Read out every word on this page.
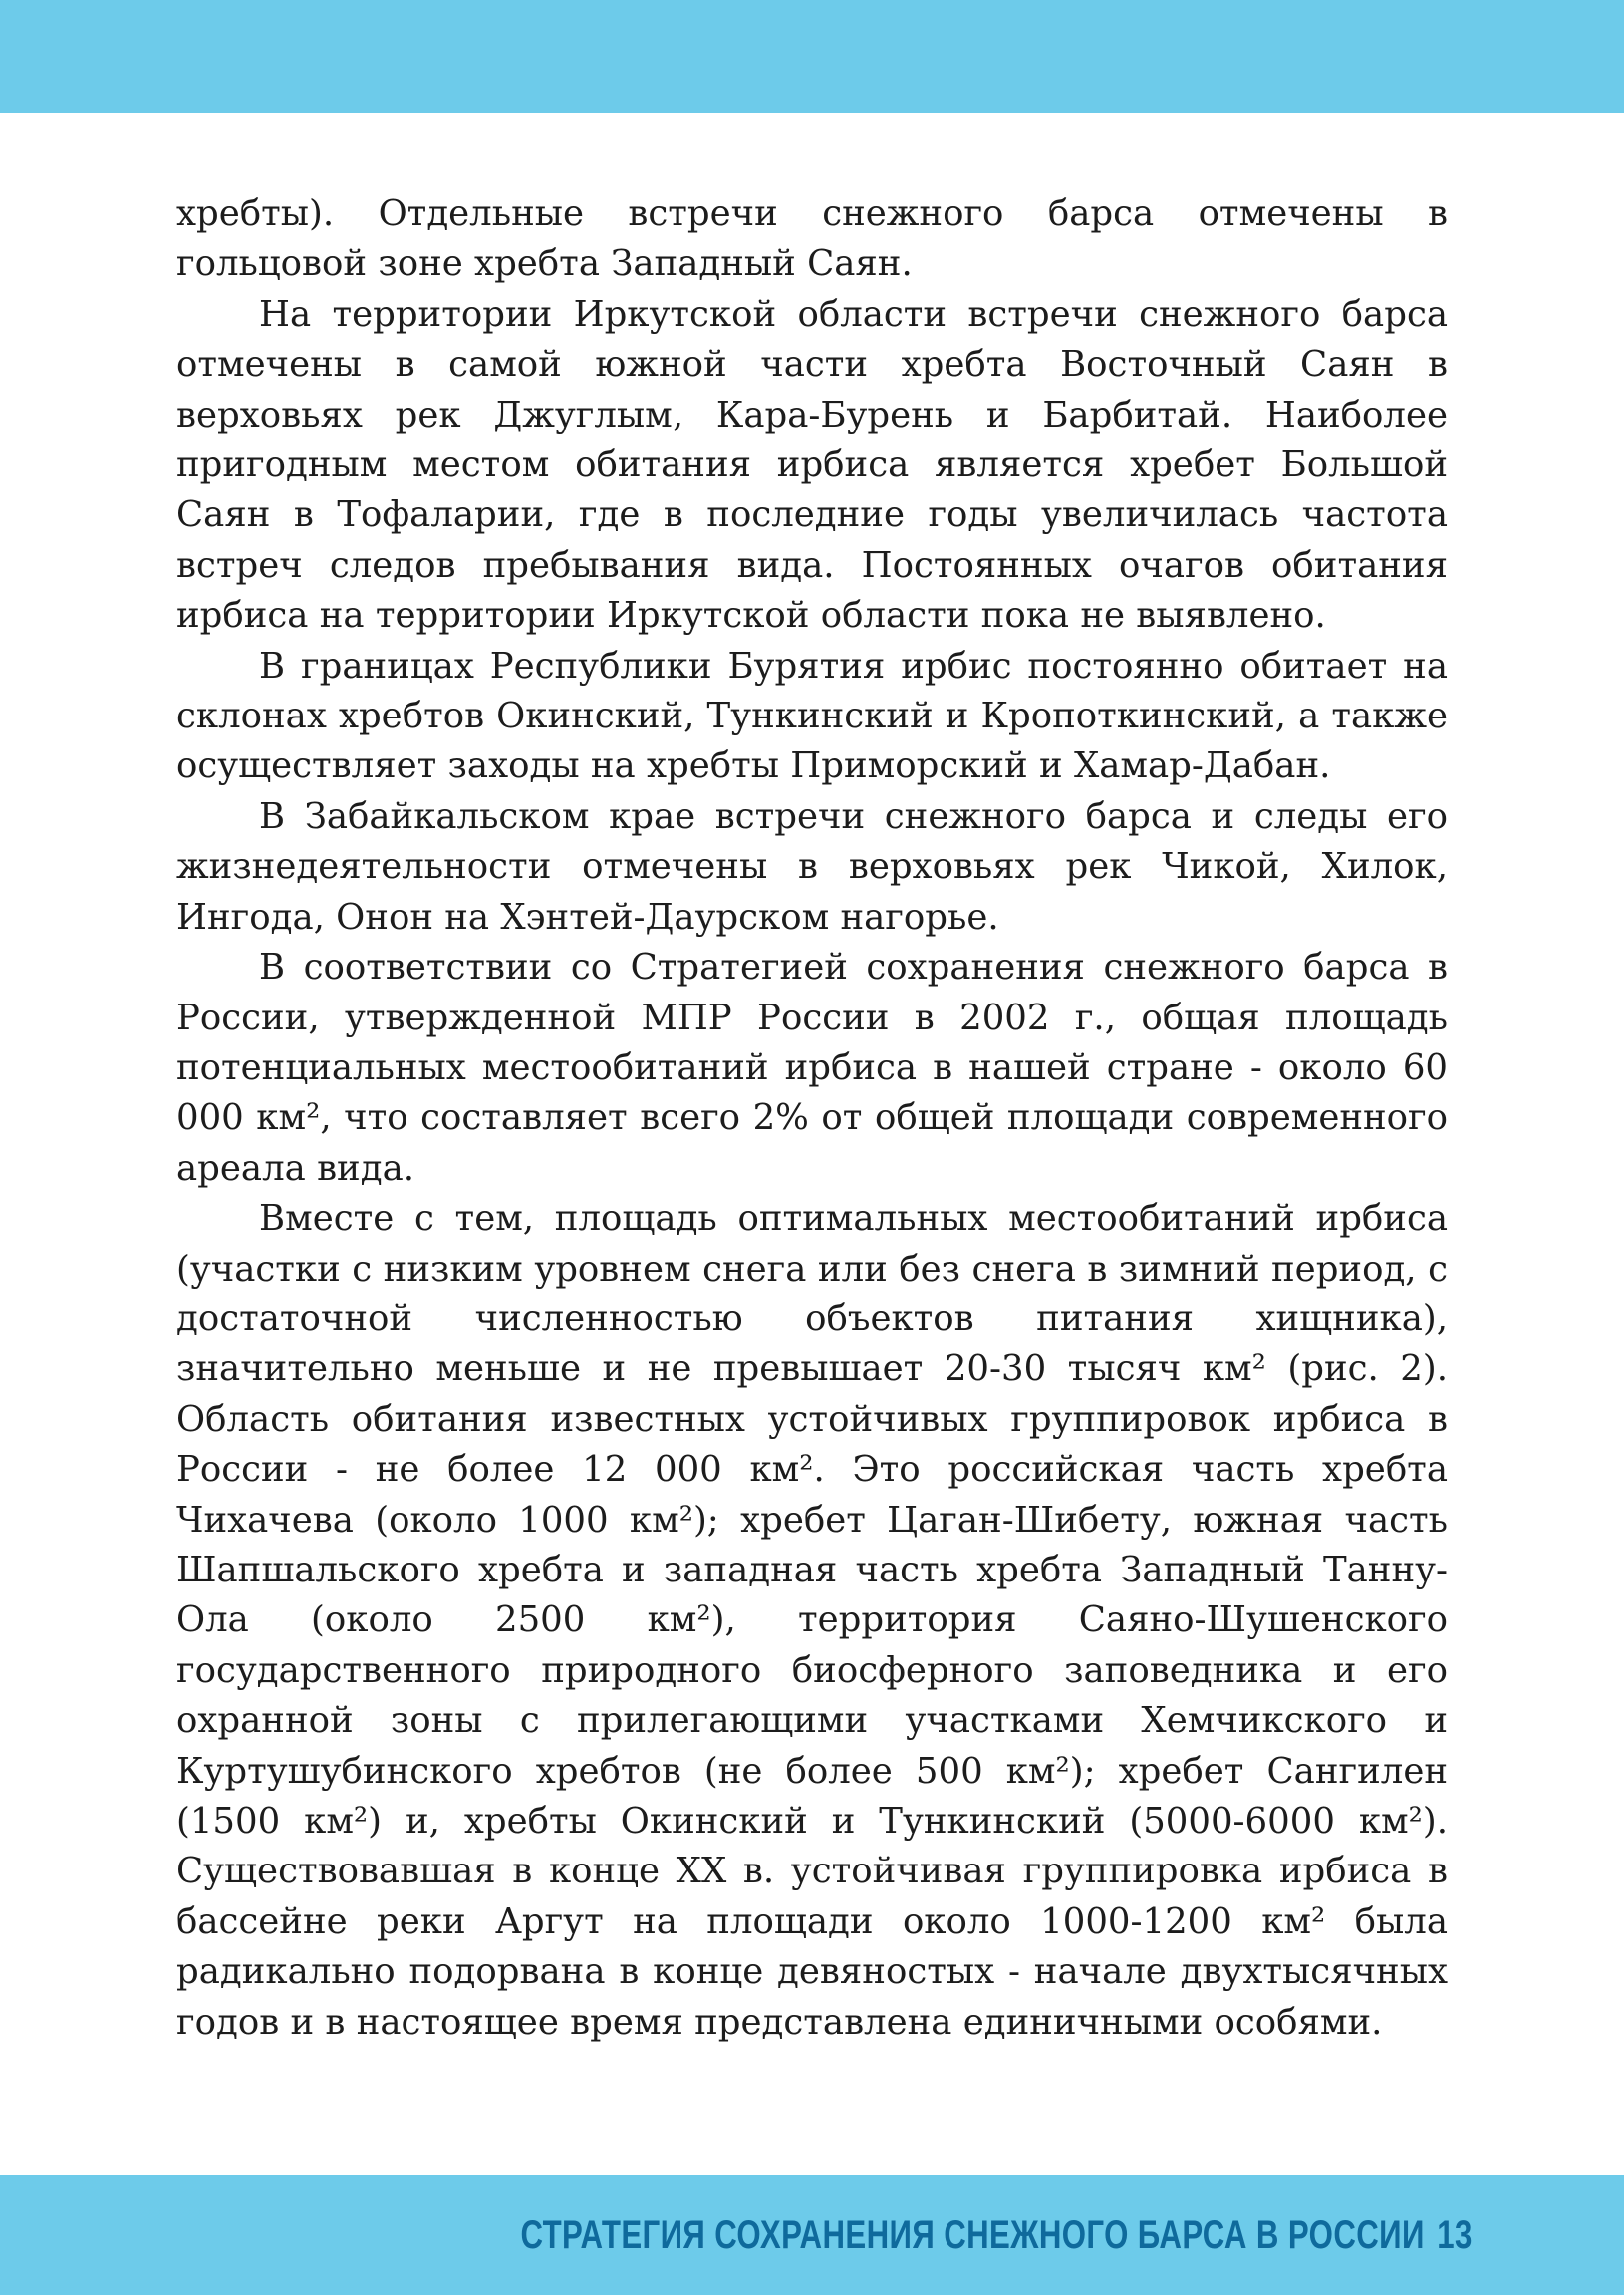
хребты). Отдельные встречи снежного барса отмечены в гольцовой зоне хребта Западный Саян.

На территории Иркутской области встречи снежного барса отмечены в самой южной части хребта Восточный Саян в верховьях рек Джуглым, Кара-Бурень и Барбитай. Наиболее пригодным местом обитания ирбиса является хребет Большой Саян в Тофаларии, где в последние годы увеличилась частота встреч следов пребывания вида. Постоянных очагов обитания ирбиса на территории Иркутской области пока не выявлено.

В границах Республики Бурятия ирбис постоянно обитает на склонах хребтов Окинский, Тункинский и Кропоткинский, а также осуществляет заходы на хребты Приморский и Хамар-Дабан.

В Забайкальском крае встречи снежного барса и следы его жизнедеятельности отмечены в верховьях рек Чикой, Хилок, Ингода, Онон на Хэнтей-Даурском нагорье.

В соответствии со Стратегией сохранения снежного барса в России, утвержденной МПР России в 2002 г., общая площадь потенциальных местообитаний ирбиса в нашей стране - около 60 000 км², что составляет всего 2% от общей площади современного ареала вида.

Вместе с тем, площадь оптимальных местообитаний ирбиса (участки с низким уровнем снега или без снега в зимний период, с достаточной численностью объектов питания хищника), значительно меньше и не превышает 20-30 тысяч км² (рис. 2). Область обитания известных устойчивых группировок ирбиса в России - не более 12 000 км². Это российская часть хребта Чихачева (около 1000 км²); хребет Цаган-Шибету, южная часть Шапшальского хребта и западная часть хребта Западный Танну-Ола (около 2500 км²), территория Саяно-Шушенского государственного природного биосферного заповедника и его охранной зоны с прилегающими участками Хемчикского и Куртушубинского хребтов (не более 500 км²); хребет Сангилен (1500 км²) и, хребты Окинский и Тункинский (5000-6000 км²). Существовавшая в конце XX в. устойчивая группировка ирбиса в бассейне реки Аргут на площади около 1000-1200 км² была радикально подорвана в конце девяностых - начале двухтысячных годов и в настоящее время представлена единичными особями.

СТРАТЕГИЯ СОХРАНЕНИЯ СНЕЖНОГО БАРСА В РОССИИ 13
